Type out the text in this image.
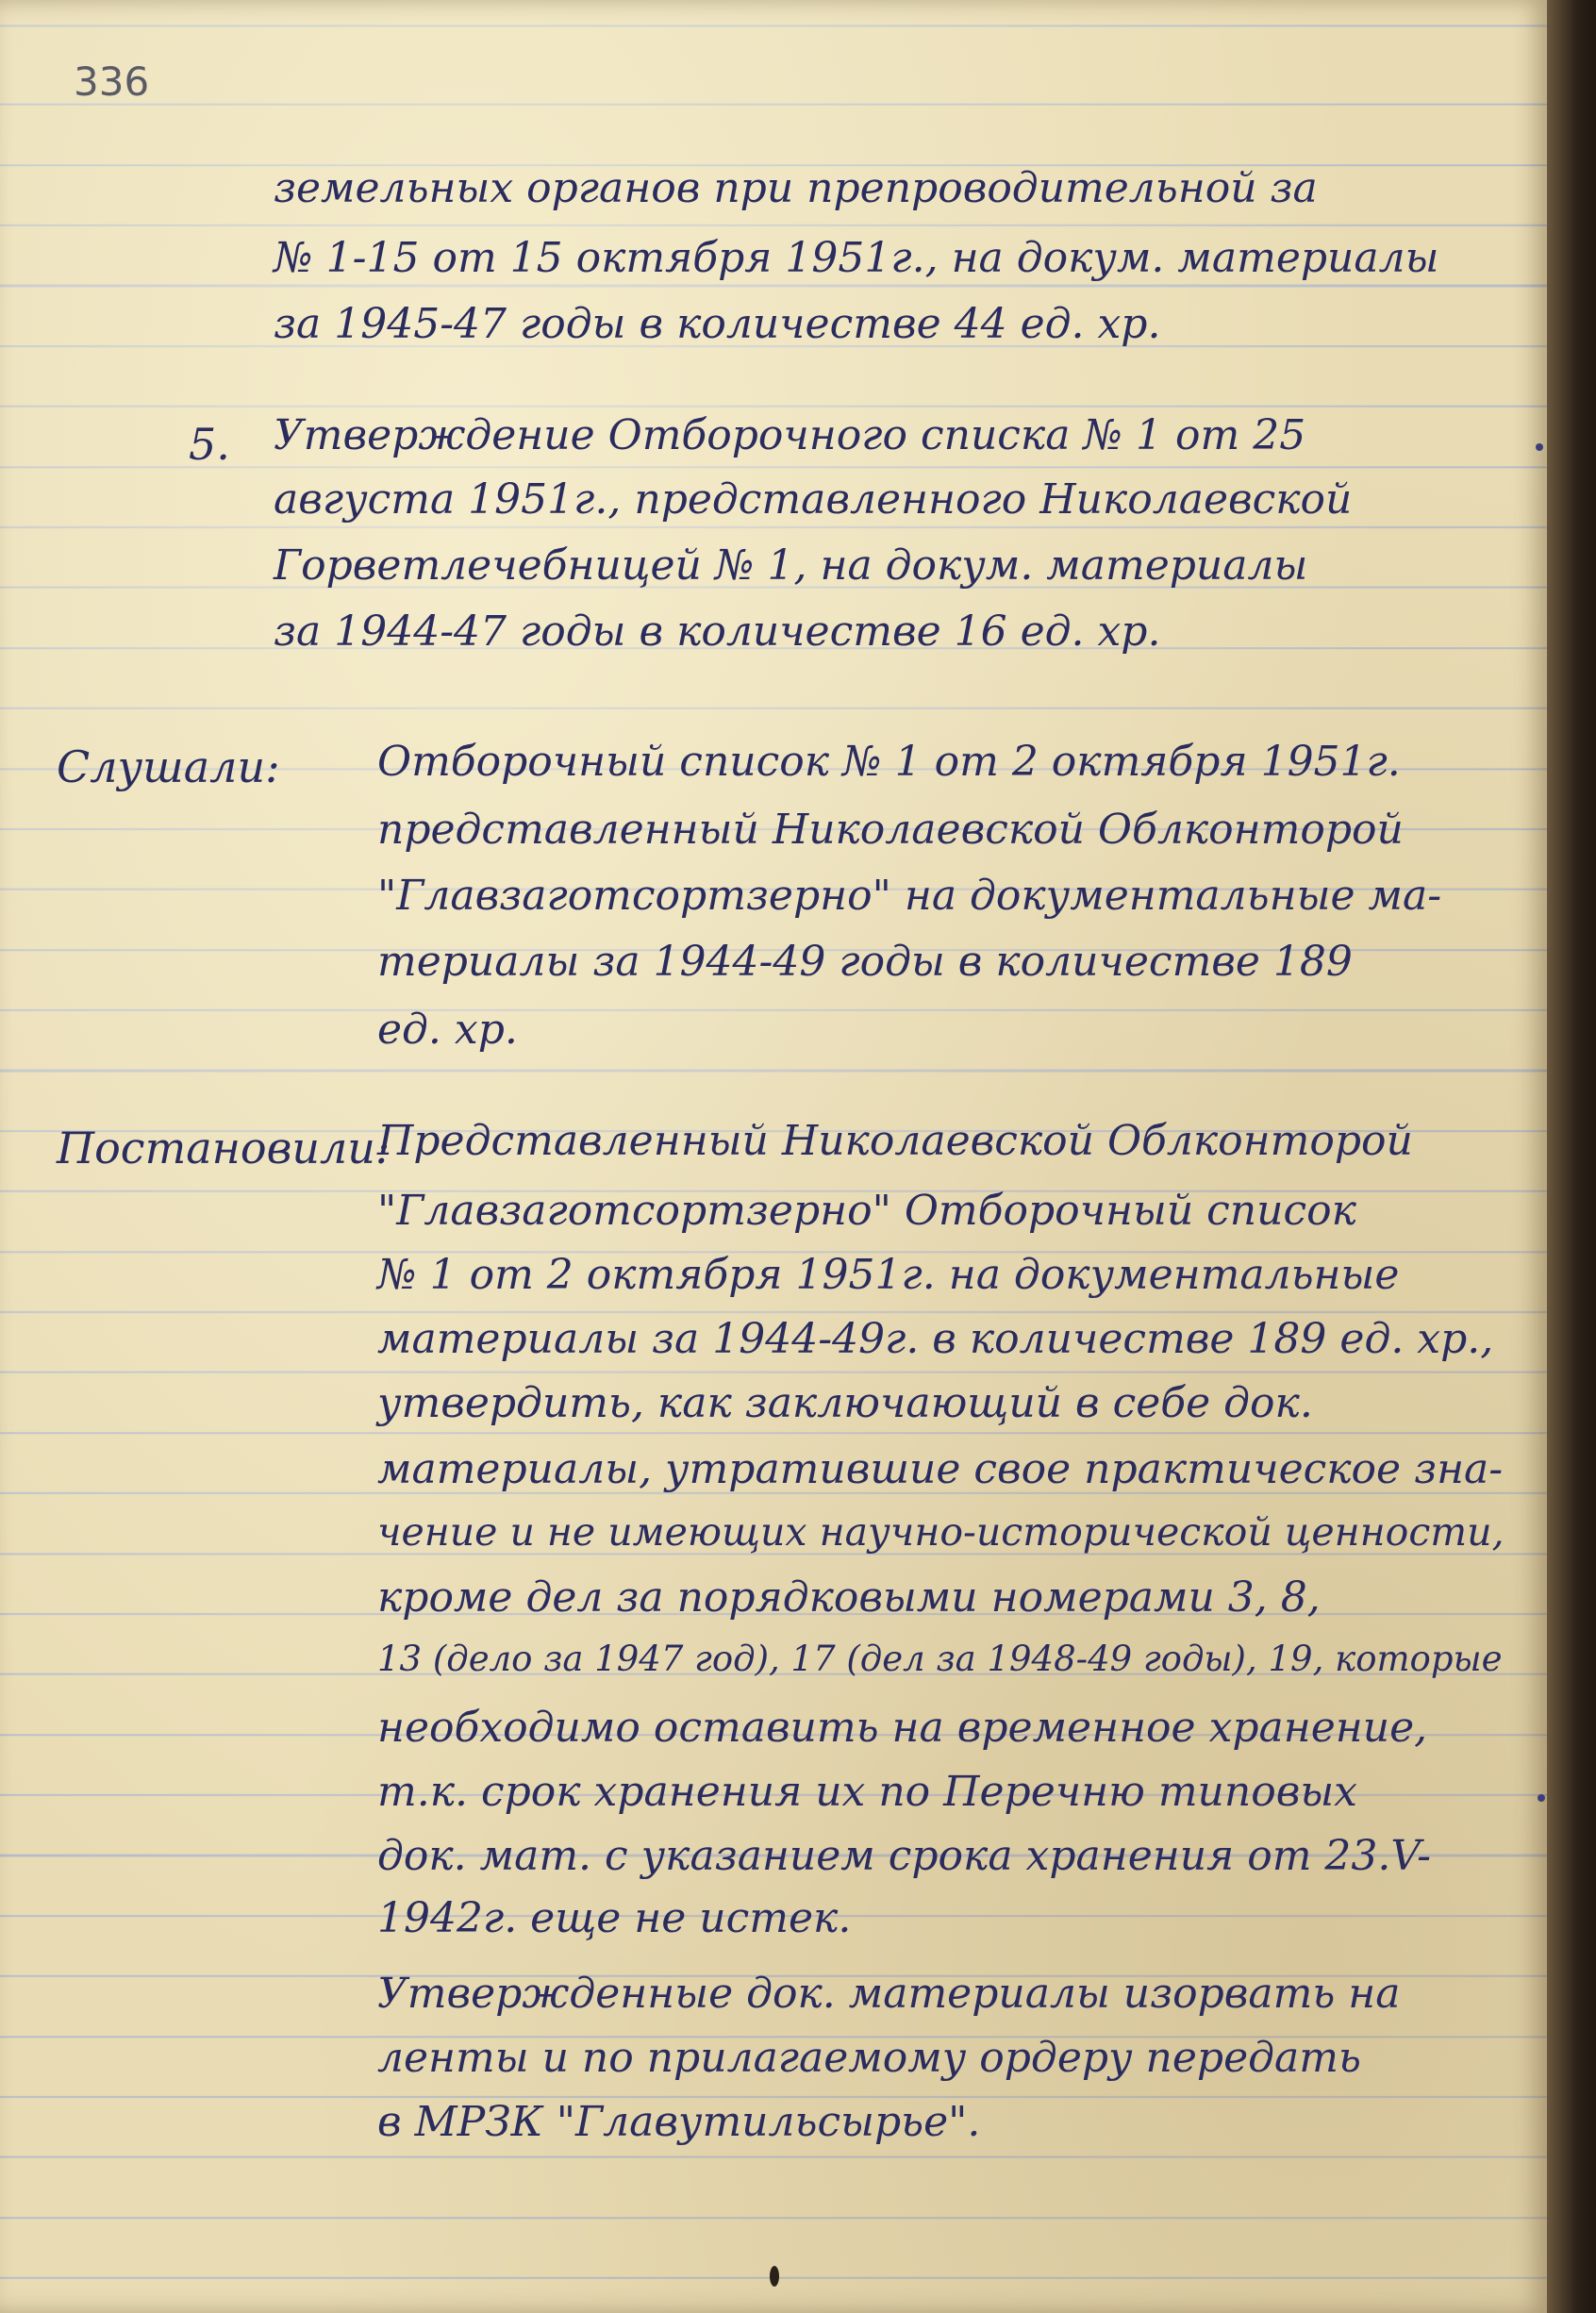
336
земельных органов при препроводительной за
№ 1-15 от 15 октября 1951г., на докум. материалы
за 1945-47 годы в количестве 44 ед. хр.
5. Утверждение Отборочного списка № 1 от 25
августа 1951г., представленного Николаевской
Горветлечебницей № 1, на докум. материалы
за 1944-47 годы в количестве 16 ед. хр.
Слушали: Отборочный список № 1 от 2 октября 1951г.
представленный Николаевской Облконторой
"Главзаготсортзерно" на документальные ма-
териалы за 1944-49 годы в количестве 189
ед. хр.
Постановили:
Представленный Николаевской Облконторой
"Главзаготсортзерно" Отборочный список
№ 1 от 2 октября 1951г. на документальные
материалы за 1944-49г. в количестве 189 ед. хр.,
утвердить, как заключающий в себе док.
материалы, утратившие свое практическое зна-
чение и не имеющих научно-исторической ценности,
кроме дел за порядковыми номерами 3, 8,
13 (дело за 1947 год), 17 (дел за 1948-49 годы), 19, которые
необходимо оставить на временное хранение,
т.к. срок хранения их по Перечню типовых
док. мат. с указанием срока хранения от 23.V-
1942г. еще не истек.
Утвержденные док. материалы изорвать на
ленты и по прилагаемому ордеру передать
в МРЗК "Главутильсырье".
